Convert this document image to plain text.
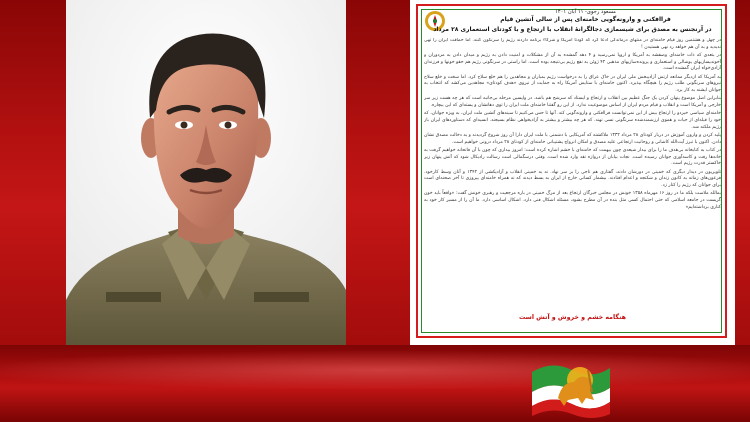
مسعود رجوی- ۱۱ آبان ۱۴۰۱
فراافکنی و وارونه‌گویی خامنه‌ای پس از سالی آتشین قیام
در آرنجنس به مصدق برای شیسمازی دجالگرانهٔ انقلاب با ارتجاع و با کودتای استعماری ۲۸ مرداد

در چهل و هشتمین روز قیام خامنه‌ای در منتهای درماندگی ادعا کرد که کودتا آمریکا و شرکاء برنامه داردند رژیم را سرنگون کنند. اما حماقت ایران را تهی ندیدید و به آن هم خواهد رد نهی هستیدن !

در بتعدی که ذات خامنه‌ای وصفشه به آمریکا و اروپا نمی‌رسید و ۴ دهه گمشده به آن از مشکلات و امنیت دادن به رژیم و میدان دادن به مزدوران و آخوندیسازیهای پوشالی و استعماری و پرونده‌سازیهای مذهبی ۴۲ ژوئن به نفع رژیم بی‌نتیجه بوده است. اما راستی در سرنگونی رژیم هم حقو خونها و فرزندان آزادی‌خواه ایران گمشده است.

به آمریکا که ازدیگر ممانعه ارتش آزادیبخش ملی ایران در خاک عراق را به درخواست رژیم بمباران و مجاهدین را هم خلع سلاح کرد. اما سخت و خلع سلاح نیروهای سرنگونی طلب رژیم را هیچگاه بپذیرد. اکنون خامنه‌ای با ستایش آمریکا راه به جمایت از نیروی «هدف کودتای» مجاهدین می‌کشد که انتخاب به جوانان ایشنه به کار برد.

بنابراین اصل موضوع پنهان کردن یک جنگ عظیم بین انقلاب و ارتجاع و ایستاد که سرشح هم باشد. در واپسین مرحله بی‌جانبه است که هر چه هست زیر سر خارجی و آمریکا است و انقلاب و قیام مردم ایران از اساس موضوعیت ندارد. از این رو گفتنا خامنه‌ای ملت ایران را توی دهانشان و پسته‌ای که این بیچاره.

خامنه‌ای سیاسی خیزدو را ارتجاع بیش از این نمی‌توانست فراافکنی و وارونه‌گویی کند. آنها تا حس می‌کنیم تا سینه‌های آتشین ملت ایران، به ویژه جوانان، که خود را قبله‌ای از حیات و هموی ارزشمند‌شده سرنگونی نسی نهند. که هر چه بیشتر و بیشتر به آزادیخواهی نظام بسیجند. انسیه‌ای که دستاوردهای ایران باز رژیم ملکنه شد.

پلید کردن و وارون آموزش در دربار کودتای ۲۸ مرداد ۱۳۳۲ ملاکشته که آمریکا‌یی با دشمنی با ملت ایران دارا آن روز شروع گردیدند و به دخالت مصدق نشان دادن. اکنون با تبرز آیت‌الله کاشانی و روحانیت ارتجاعی علیه مصدق و امکان انزواج پشتیبانی خامنه‌ای از کودتای ۲۸ مرداد درونی خواهیم است.

در کتاب به کتابخانه بی‌هدف ما را برای بیدار شیعه‌ی چون بیهمت که خامنه‌ای با خشم اشاره کرده است: امروز بیداری که چون با آن فاتحانه خواهیم گرفت به خانه‌ها رفت و کاسه‌آوری جوانان رسیده است. نجات بیابان از دروازه نقد وارد شده است. وقتی درسگمالی است رسالت رادیکال شود که آتش پنهان زیر خاکستر قدرت رژیم است.

تلویزیون در دیدار دیگری که خمینی در دورشان دادند، گفتاری هم تاجی را بر سر نهاد. نه به خمینی انقلاب و آزادیکشی از ۱۳۴۲ و آنان وسط کارخود. فرعون‌های زمانه به کانون زندان و شکنجه و اعدام افتادند. بیشمار کسانی خارج از ایران به بسط دیدند که نه‌ همراه خامنه‌ای پیروزی تا آخر صحنه‌ای است برای جوانان که رژیم را کنار زد.

بمالله ملاست بلکه ما در روز ۱۶ مهرماه ۱۳۵۸ خونش در مجلس خبرگان ارتجاع بعد از مرگ خمینی در باره مرجعیت و رهبری خونش گفت: «واقعاً باید خون گریست در جامعه اسلامی که حتی احتمال کسی مثل بنده در آن مطرح بشود، مسئله اشکال فنی دارد. اشکال اساسی دارد. ما آن را از مسیر کار خود به کناری برداشته‌ایم»

هنگامه خشم و خروش و آتش است
